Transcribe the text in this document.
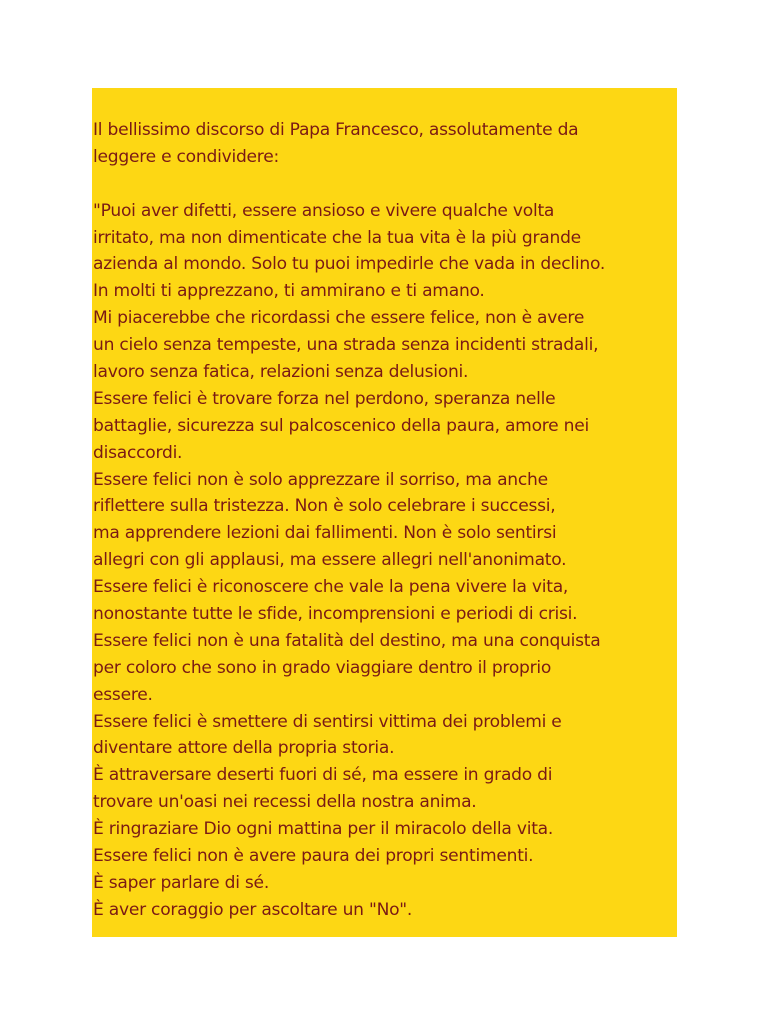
Il bellissimo discorso di Papa Francesco, assolutamente da
leggere e condividere:
"Puoi aver difetti, essere ansioso e vivere qualche volta
irritato, ma non dimenticate che la tua vita è la più grande
azienda al mondo. Solo tu puoi impedirle che vada in declino.
In molti ti apprezzano, ti ammirano e ti amano.
Mi piacerebbe che ricordassi che essere felice, non è avere
un cielo senza tempeste, una strada senza incidenti stradali,
lavoro senza fatica, relazioni senza delusioni.
Essere felici è trovare forza nel perdono, speranza nelle
battaglie, sicurezza sul palcoscenico della paura, amore nei
disaccordi.
Essere felici non è solo apprezzare il sorriso, ma anche
riflettere sulla tristezza. Non è solo celebrare i successi,
ma apprendere lezioni dai fallimenti. Non è solo sentirsi
allegri con gli applausi, ma essere allegri nell'anonimato.
Essere felici è riconoscere che vale la pena vivere la vita,
nonostante tutte le sfide, incomprensioni e periodi di crisi.
Essere felici non è una fatalità del destino, ma una conquista
per coloro che sono in grado viaggiare dentro il proprio
essere.
Essere felici è smettere di sentirsi vittima dei problemi e
diventare attore della propria storia.
È attraversare deserti fuori di sé, ma essere in grado di
trovare un'oasi nei recessi della nostra anima.
È ringraziare Dio ogni mattina per il miracolo della vita.
Essere felici non è avere paura dei propri sentimenti.
È saper parlare di sé.
È aver coraggio per ascoltare un "No".
